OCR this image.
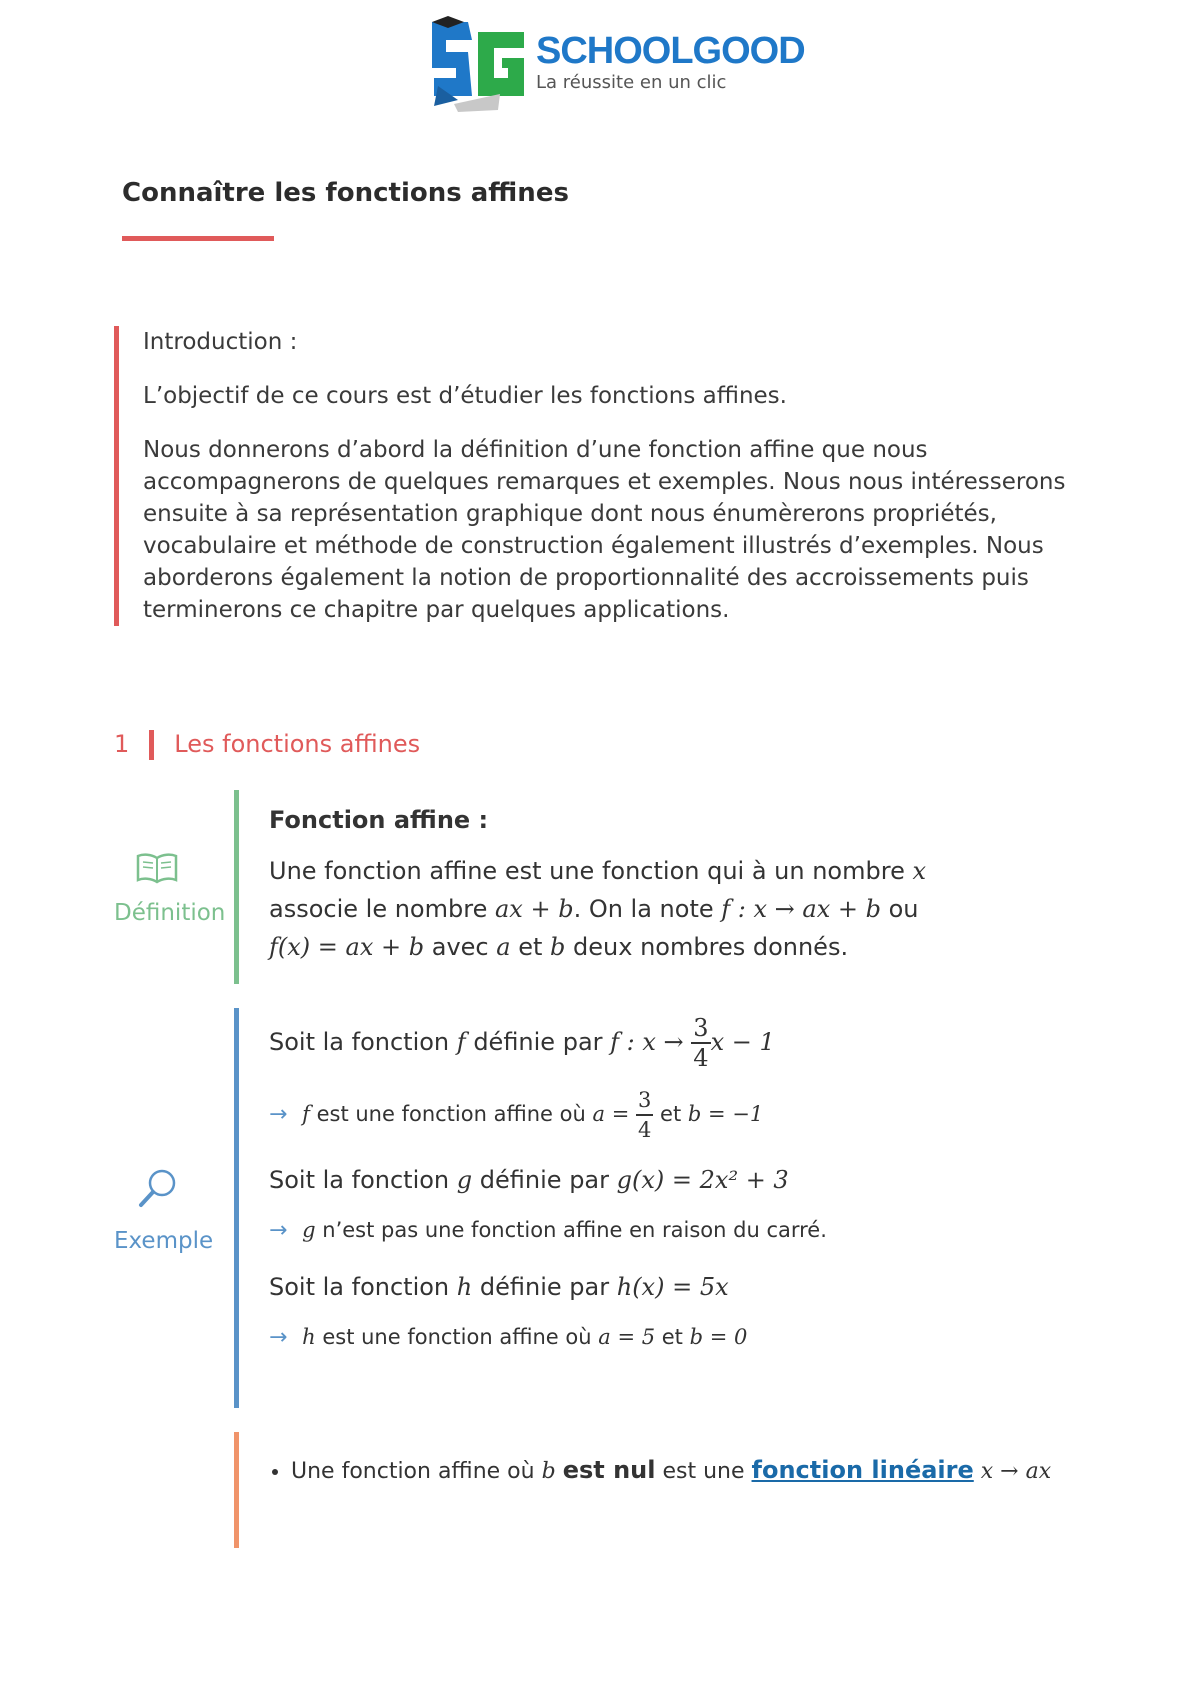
SCHOOLGOOD
La réussite en un clic
Connaître les fonctions affines

Introduction :

L’objectif de ce cours est d’étudier les fonctions affines.

Nous donnerons d’abord la définition d’une fonction affine que nous accompagnerons de quelques remarques et exemples. Nous nous intéresserons ensuite à sa représentation graphique dont nous énumèrerons propriétés, vocabulaire et méthode de construction également illustrés d’exemples. Nous aborderons également la notion de proportionnalité des accroissements puis terminerons ce chapitre par quelques applications.

1 Les fonctions affines
Définition
Fonction affine :
Une fonction affine est une fonction qui à un nombre x
associe le nombre ax + b. On la note f : x → ax + b ou
f(x) = ax + b avec a et b deux nombres donnés.
Exemple

Soit la fonction f définie par f : $x \to \frac{3}{4}$ x − 1

→ f est une fonction affine où $a = \frac{3}{4}$ et b = −1

Soit la fonction g définie par g(x) = 2x² + 3

→ g n’est pas une fonction affine en raison du carré.

Soit la fonction h définie par h(x) = 5x

→ h est une fonction affine où a = 5 et b = 0

• Une fonction affine où b est nul est une fonction linéaire x → ax
